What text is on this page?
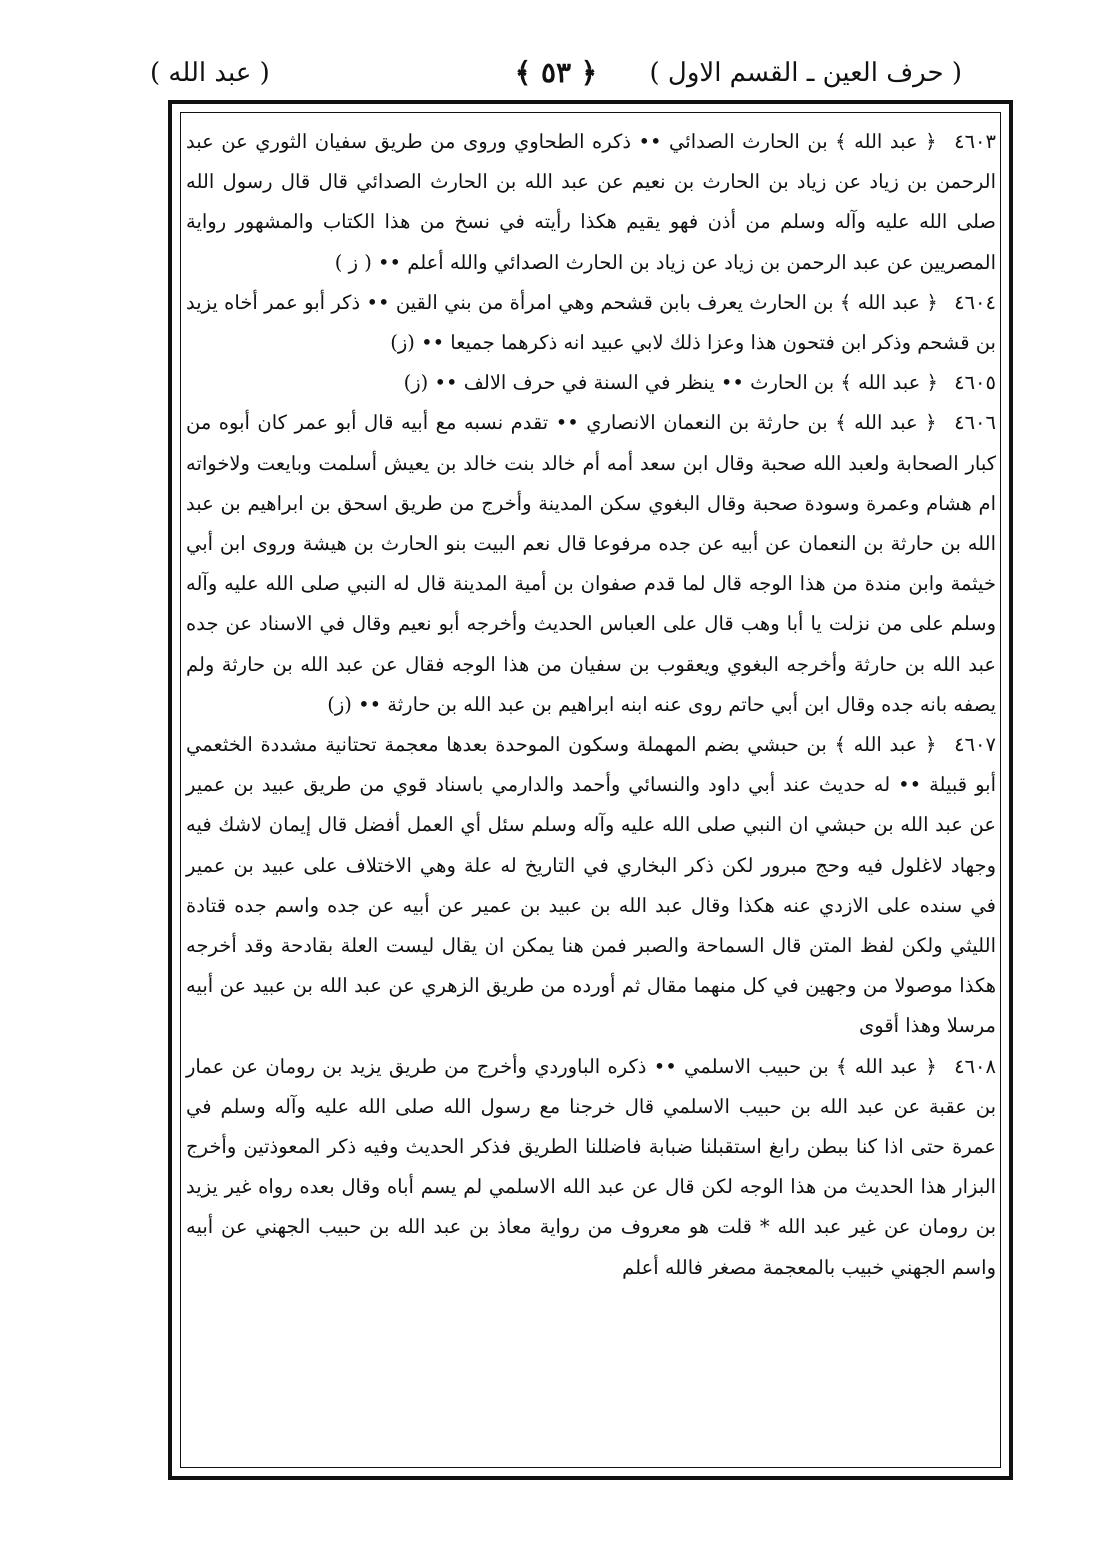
( حرف العين ـ القسم الاول )
﴿ ٥٣ ﴾
( عبد الله )

٤٦٠٣ ﴿ عبد الله ﴾ بن الحارث الصدائي •• ذكره الطحاوي وروى من طريق سفيان الثوري عن عبد الرحمن بن زياد عن زياد بن الحارث بن نعيم عن عبد الله بن الحارث الصدائي قال قال رسول الله صلى الله عليه وآله وسلم من أذن فهو يقيم هكذا رأيته في نسخ من هذا الكتاب والمشهور رواية المصريين عن عبد الرحمن بن زياد عن زياد بن الحارث الصدائي والله أعلم •• ( ز )

٤٦٠٤ ﴿ عبد الله ﴾ بن الحارث يعرف بابن قشحم وهي امرأة من بني القين •• ذكر أبو عمر أخاه يزيد بن قشحم وذكر ابن فتحون هذا وعزا ذلك لابي عبيد انه ذكرهما جميعا •• (ز)

٤٦٠٥ ﴿ عبد الله ﴾ بن الحارث •• ينظر في السنة في حرف الالف •• (ز)

٤٦٠٦ ﴿ عبد الله ﴾ بن حارثة بن النعمان الانصاري •• تقدم نسبه مع أبيه قال أبو عمر كان أبوه من كبار الصحابة ولعبد الله صحبة وقال ابن سعد أمه أم خالد بنت خالد بن يعيش أسلمت وبايعت ولاخواته ام هشام وعمرة وسودة صحبة وقال البغوي سكن المدينة وأخرج من طريق اسحق بن ابراهيم بن عبد الله بن حارثة بن النعمان عن أبيه عن جده مرفوعا قال نعم البيت بنو الحارث بن هيشة وروى ابن أبي خيثمة وابن مندة من هذا الوجه قال لما قدم صفوان بن أمية المدينة قال له النبي صلى الله عليه وآله وسلم على من نزلت يا أبا وهب قال على العباس الحديث وأخرجه أبو نعيم وقال في الاسناد عن جده عبد الله بن حارثة وأخرجه البغوي ويعقوب بن سفيان من هذا الوجه فقال عن عبد الله بن حارثة ولم يصفه بانه جده وقال ابن أبي حاتم روى عنه ابنه ابراهيم بن عبد الله بن حارثة •• (ز)

٤٦٠٧ ﴿ عبد الله ﴾ بن حبشي بضم المهملة وسكون الموحدة بعدها معجمة تحتانية مشددة الخثعمي أبو قبيلة •• له حديث عند أبي داود والنسائي وأحمد والدارمي باسناد قوي من طريق عبيد بن عمير عن عبد الله بن حبشي ان النبي صلى الله عليه وآله وسلم سئل أي العمل أفضل قال إيمان لاشك فيه وجهاد لاغلول فيه وحج مبرور لكن ذكر البخاري في التاريخ له علة وهي الاختلاف على عبيد بن عمير في سنده على الازدي عنه هكذا وقال عبد الله بن عبيد بن عمير عن أبيه عن جده واسم جده قتادة الليثي ولكن لفظ المتن قال السماحة والصبر فمن هنا يمكن ان يقال ليست العلة بقادحة وقد أخرجه هكذا موصولا من وجهين في كل منهما مقال ثم أورده من طريق الزهري عن عبد الله بن عبيد عن أبيه مرسلا وهذا أقوى

٤٦٠٨ ﴿ عبد الله ﴾ بن حبيب الاسلمي •• ذكره الباوردي وأخرج من طريق يزيد بن رومان عن عمار بن عقبة عن عبد الله بن حبيب الاسلمي قال خرجنا مع رسول الله صلى الله عليه وآله وسلم في عمرة حتى اذا كنا ببطن رابغ استقبلنا ضبابة فاضللنا الطريق فذكر الحديث وفيه ذكر المعوذتين وأخرج البزار هذا الحديث من هذا الوجه لكن قال عن عبد الله الاسلمي لم يسم أباه وقال بعده رواه غير يزيد بن رومان عن غير عبد الله * قلت هو معروف من رواية معاذ بن عبد الله بن حبيب الجهني عن أبيه واسم الجهني خبيب بالمعجمة مصغر فالله أعلم
